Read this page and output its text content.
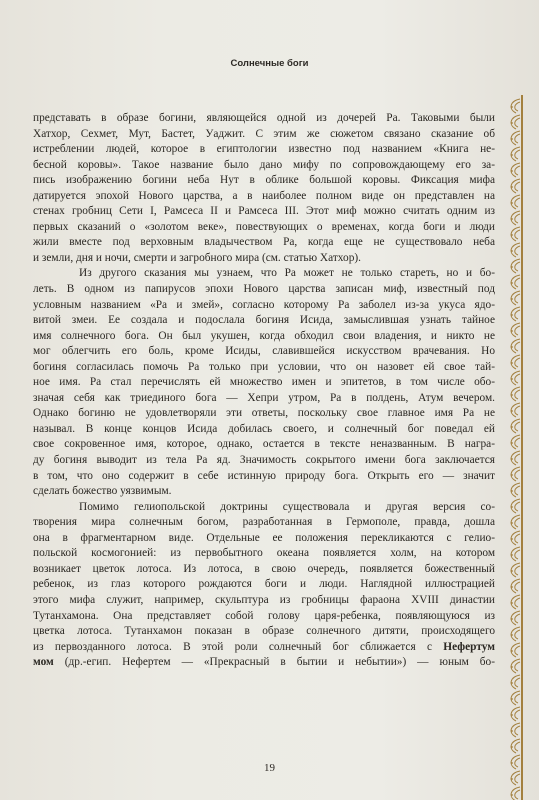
Солнечные боги

представать в образе богини, являющейся одной из дочерей Ра. Таковыми были
Хатхор, Сехмет, Мут, Бастет, Уаджит. С этим же сюжетом связано сказание об
истреблении людей, которое в египтологии известно под названием «Книга не-
бесной коровы». Такое название было дано мифу по сопровождающему его за-
пись изображению богини неба Нут в облике большой коровы. Фиксация мифа
датируется эпохой Нового царства, а в наиболее полном виде он представлен на
стенах гробниц Сети I, Рамсеса II и Рамсеса III. Этот миф можно считать одним из
первых сказаний о «золотом веке», повествующих о временах, когда боги и люди
жили вместе под верховным владычеством Ра, когда еще не существовало неба
и земли, дня и ночи, смерти и загробного мира (см. статью Хатхор).

Из другого сказания мы узнаем, что Ра может не только стареть, но и бо-
леть. В одном из папирусов эпохи Нового царства записан миф, известный под
условным названием «Ра и змей», согласно которому Ра заболел из-за укуса ядо-
витой змеи. Ее создала и подослала богиня Исида, замыслившая узнать тайное
имя солнечного бога. Он был укушен, когда обходил свои владения, и никто не
мог облегчить его боль, кроме Исиды, славившейся искусством врачевания. Но
богиня согласилась помочь Ра только при условии, что он назовет ей свое тай-
ное имя. Ра стал перечислять ей множество имен и эпитетов, в том числе обо-
значая себя как триединого бога — Хепри утром, Ра в полдень, Атум вечером.
Однако богиню не удовлетворяли эти ответы, поскольку свое главное имя Ра не
называл. В конце концов Исида добилась своего, и солнечный бог поведал ей
свое сокровенное имя, которое, однако, остается в тексте неназванным. В награ-
ду богиня выводит из тела Ра яд. Значимость сокрытого имени бога заключается
в том, что оно содержит в себе истинную природу бога. Открыть его — значит
сделать божество уязвимым.

Помимо гелиопольской доктрины существовала и другая версия со-
творения мира солнечным богом, разработанная в Гермополе, правда, дошла
она в фрагментарном виде. Отдельные ее положения перекликаются с гелио-
польской космогонией: из первобытного океана появляется холм, на котором
возникает цветок лотоса. Из лотоса, в свою очередь, появляется божественный
ребенок, из глаз которого рождаются боги и люди. Наглядной иллюстрацией
этого мифа служит, например, скульптура из гробницы фараона XVIII династии
Тутанхамона. Она представляет собой голову царя-ребенка, появляющуюся из
цветка лотоса. Тутанхамон показан в образе солнечного дитяти, происходящего
из первозданного лотоса. В этой роли солнечный бог сближается с Нефертум
мом (др.-егип. Нефертем — «Прекрасный в бытии и небытии») — юным бо-

19
